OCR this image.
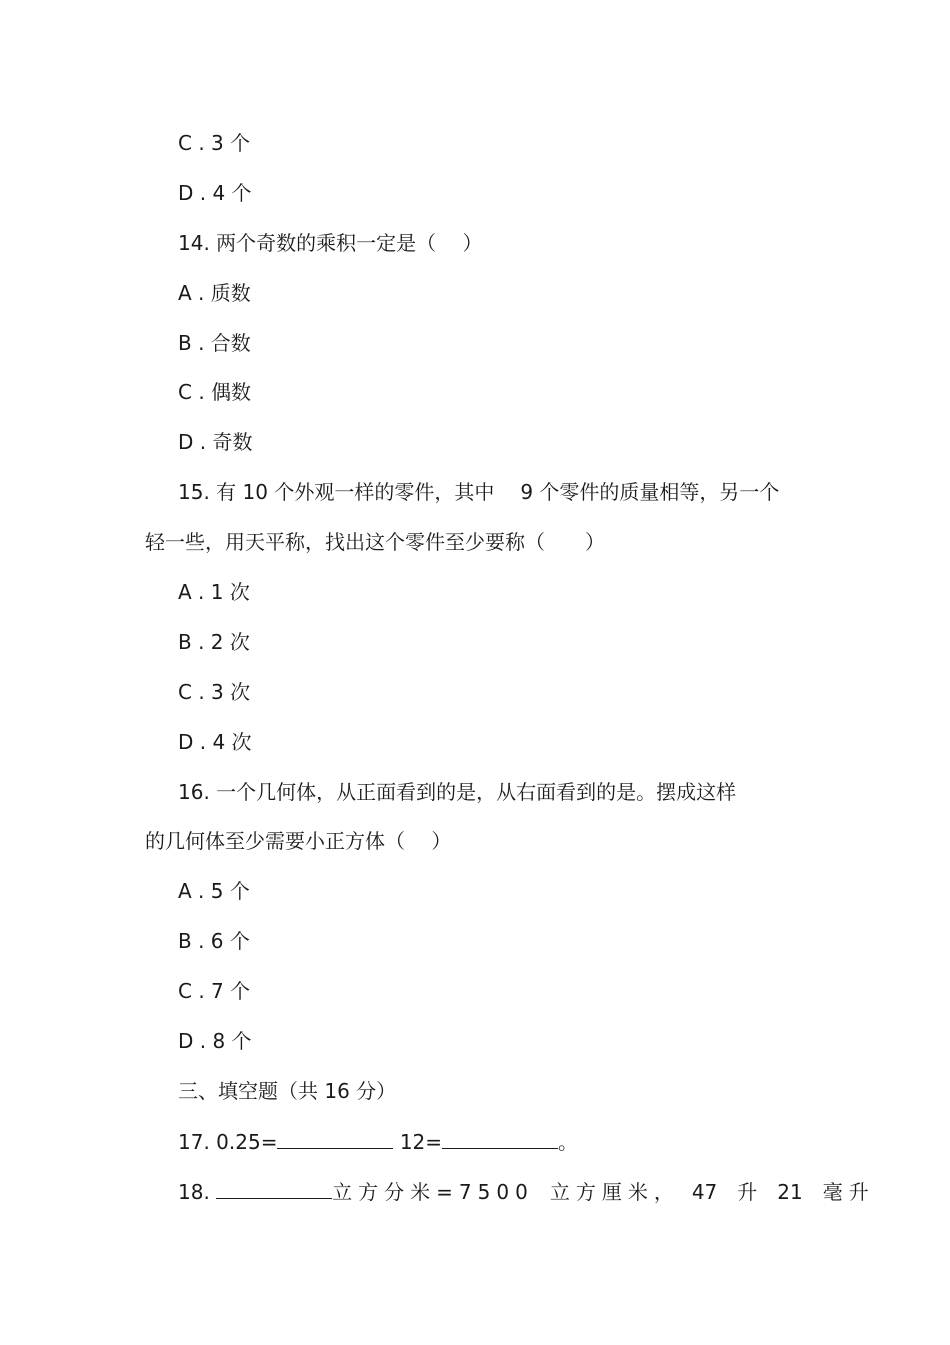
C . 3 个
D . 4 个
14. 两个奇数的乘积一定是（　 ）
A . 质数
B . 合数
C . 偶数
D . 奇数
15. 有 10 个外观一样的零件，其中 9 个零件的质量相等，另一个
轻一些，用天平称，找出这个零件至少要称（　　）
A . 1 次
B . 2 次
C . 3 次
D . 4 次
16. 一个几何体，从正面看到的是，从右面看到的是。摆成这样
的几何体至少需要小正方体（　 ）
A . 5 个
B . 6 个
C . 7 个
D . 8 个
三、填空题（共 16 分）
17. 0.25=	12=	。
18.	立方分米=7500 立方厘米， 47 升 21 毫升
